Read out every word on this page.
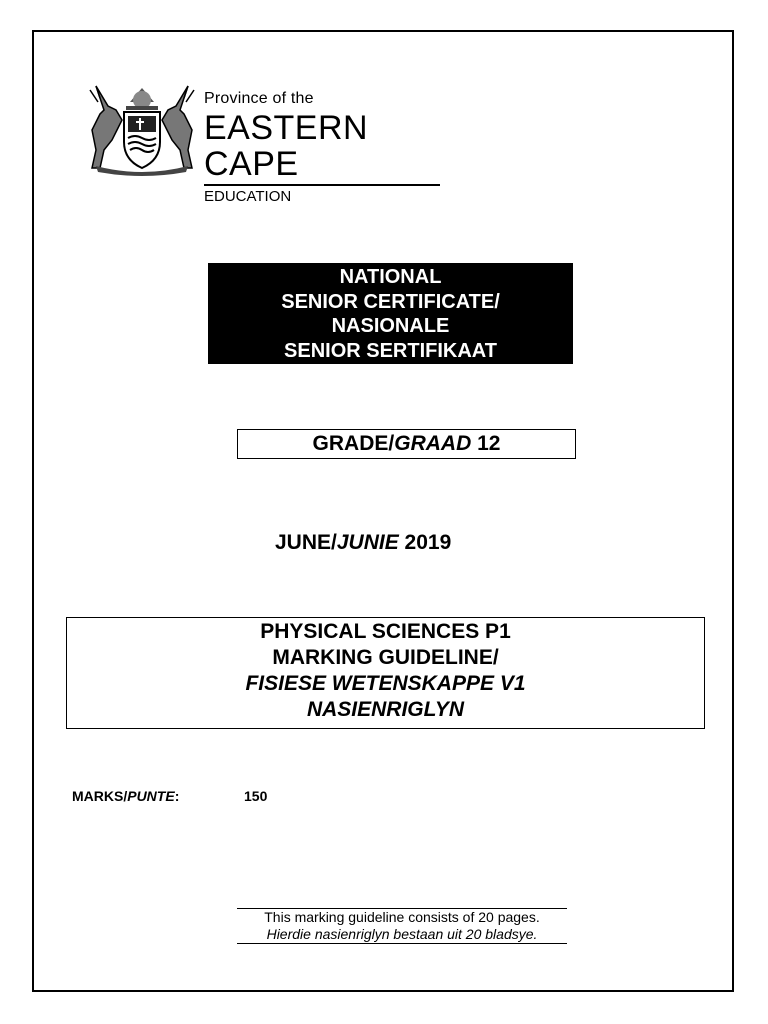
Province of the
EASTERN CAPE
EDUCATION
NATIONAL
SENIOR CERTIFICATE/
NASIONALE
SENIOR SERTIFIKAAT
GRADE/GRAAD 12
JUNE/JUNIE 2019
PHYSICAL SCIENCES P1
MARKING GUIDELINE/
FISIESE WETENSKAPPE V1
NASIENRIGLYN
MARKS/PUNTE:	150
This marking guideline consists of 20 pages.
Hierdie nasienriglyn bestaan uit 20 bladsye.
